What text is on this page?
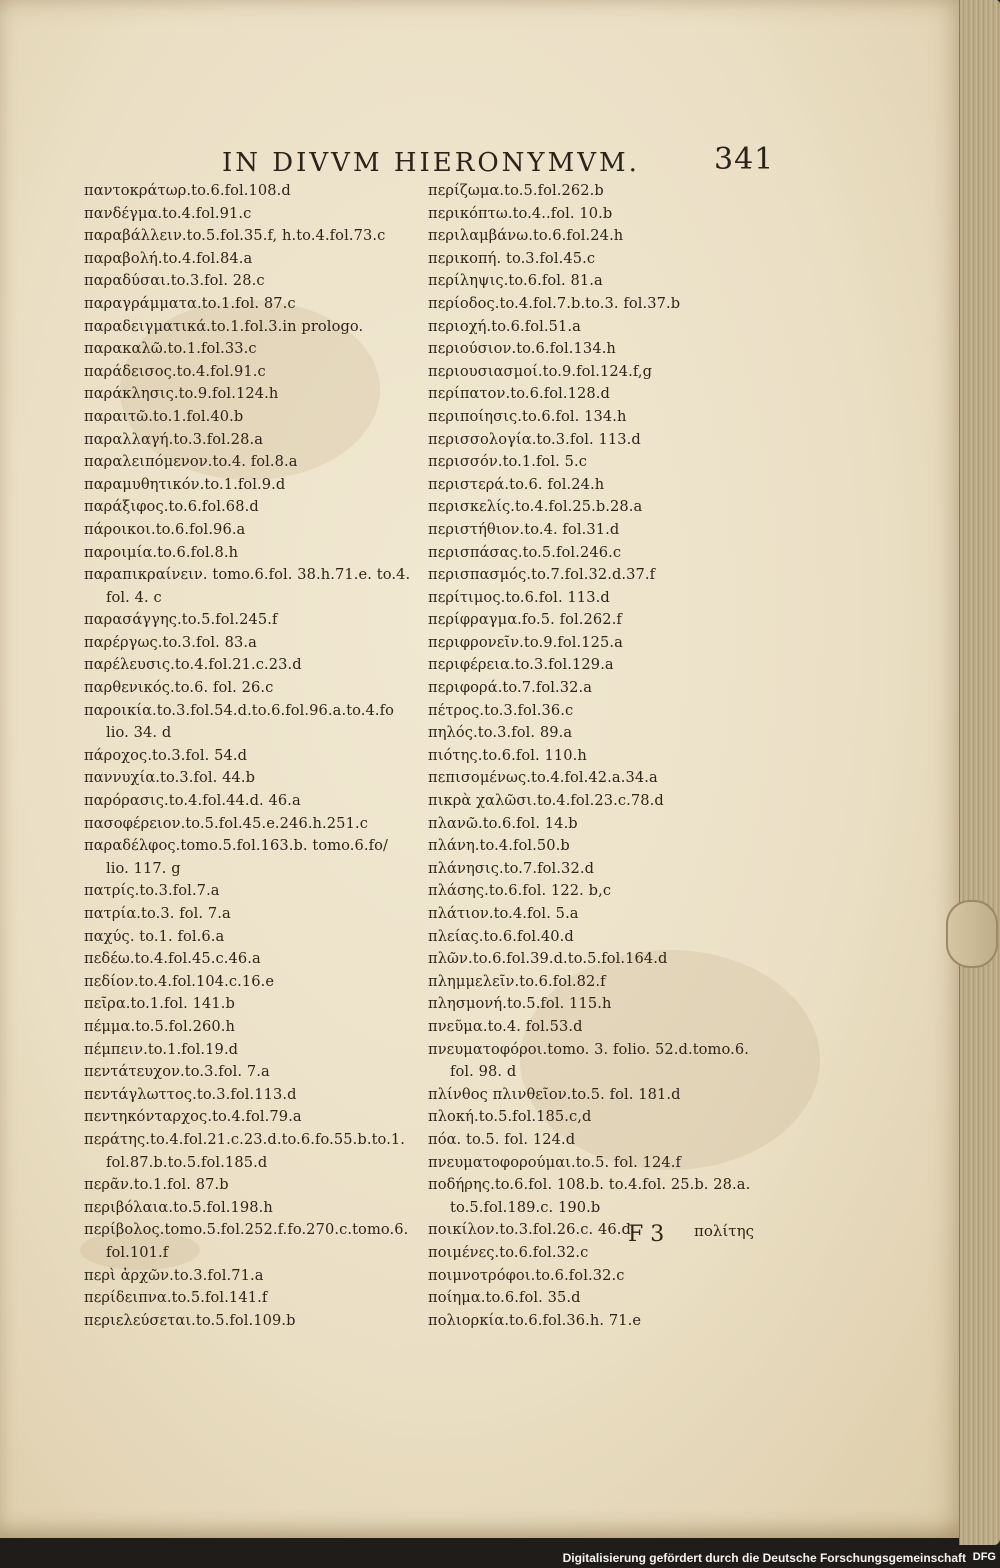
IN DIVVM HIERONYMVM. 341
παντοκράτωρ.to.6.fol.108.d
πανδέγμα.to.4.fol.91.c
παραβάλλειν.to.5.fol.35.f, h.to.4.fol.73.c
παραβολή.to.4.fol.84.a
παραδύσαι.to.3.fol. 28.c
παραγράμματα.to.1.fol. 87.c
παραδειγματικά.to.1.fol.3.in prologo.
παρακαλῶ.to.1.fol.33.c
παράδεισος.to.4.fol.91.c
παράκλησις.to.9.fol.124.h
παραιτῶ.to.1.fol.40.b
παραλλαγή.to.3.fol.28.a
παραλειπόμενον.to.4. fol.8.a
παραμυθητικόν.to.1.fol.9.d
παράξιφος.to.6.fol.68.d
πάροικοι.to.6.fol.96.a
παροιμία.to.6.fol.8.h
παραπικραίνειν. tomo.6.fol. 38.h.71.e. to.4.
fol. 4. c
παρασάγγης.to.5.fol.245.f
παρέργως.to.3.fol. 83.a
παρέλευσις.to.4.fol.21.c.23.d
παρθενικός.to.6. fol. 26.c
παροικία.to.3.fol.54.d.to.6.fol.96.a.to.4.fo
lio. 34. d
πάροχος.to.3.fol. 54.d
παννυχία.to.3.fol. 44.b
παρόρασις.to.4.fol.44.d. 46.a
πασοφέρειον.to.5.fol.45.e.246.h.251.c
παραδέλφος.tomo.5.fol.163.b. tomo.6.fo/
lio. 117. g
πατρίς.to.3.fol.7.a
πατρία.to.3. fol. 7.a
παχύς. to.1. fol.6.a
πεδέω.to.4.fol.45.c.46.a
πεδίον.to.4.fol.104.c.16.e
πεῖρα.to.1.fol. 141.b
πέμμα.to.5.fol.260.h
πέμπειν.to.1.fol.19.d
πεντάτευχον.to.3.fol. 7.a
πεντάγλωττος.to.3.fol.113.d
πεντηκόνταρχος.to.4.fol.79.a
περάτης.to.4.fol.21.c.23.d.to.6.fo.55.b.to.1.
fol.87.b.to.5.fol.185.d
περᾶν.to.1.fol. 87.b
περιβόλαια.to.5.fol.198.h
περίβολος.tomo.5.fol.252.f.fo.270.c.tomo.6.
fol.101.f
περὶ ἀρχῶν.to.3.fol.71.a
περίδειπνα.to.5.fol.141.f
περιελεύσεται.to.5.fol.109.b
περίζωμα.to.5.fol.262.b
περικόπτω.to.4..fol. 10.b
περιλαμβάνω.to.6.fol.24.h
περικοπή. to.3.fol.45.c
περίληψις.to.6.fol. 81.a
περίοδος.to.4.fol.7.b.to.3. fol.37.b
περιοχή.to.6.fol.51.a
περιούσιον.to.6.fol.134.h
περιουσιασμοί.to.9.fol.124.f,g
περίπατον.to.6.fol.128.d
περιποίησις.to.6.fol. 134.h
περισσολογία.to.3.fol. 113.d
περισσόν.to.1.fol. 5.c
περιστερά.to.6. fol.24.h
περισκελίς.to.4.fol.25.b.28.a
περιστήθιον.to.4. fol.31.d
περισπάσας.to.5.fol.246.c
περισπασμός.to.7.fol.32.d.37.f
περίτιμος.to.6.fol. 113.d
περίφραγμα.fo.5. fol.262.f
περιφρονεῖν.to.9.fol.125.a
περιφέρεια.to.3.fol.129.a
περιφορά.to.7.fol.32.a
πέτρος.to.3.fol.36.c
πηλός.to.3.fol. 89.a
πιότης.to.6.fol. 110.h
πεπισομένως.to.4.fol.42.a.34.a
πικρὰ χαλῶσι.to.4.fol.23.c.78.d
πλανῶ.to.6.fol. 14.b
πλάνη.to.4.fol.50.b
πλάνησις.to.7.fol.32.d
πλάσης.to.6.fol. 122. b,c
πλάτιον.to.4.fol. 5.a
πλείας.to.6.fol.40.d
πλῶν.to.6.fol.39.d.to.5.fol.164.d
πλημμελεῖν.to.6.fol.82.f
πλησμονή.to.5.fol. 115.h
πνεῦμα.to.4. fol.53.d
πνευματοφόροι.tomo. 3. folio. 52.d.tomo.6.
fol. 98. d
πλίνθος πλινθεῖον.to.5. fol. 181.d
πλοκή.to.5.fol.185.c,d
πόα. to.5. fol. 124.d
πνευματοφορούμαι.to.5. fol. 124.f
ποδήρης.to.6.fol. 108.b. to.4.fol. 25.b. 28.a.
to.5.fol.189.c. 190.b
ποικίλον.to.3.fol.26.c. 46.d
ποιμένες.to.6.fol.32.c
ποιμνοτρόφοι.to.6.fol.32.c
ποίημα.to.6.fol. 35.d
πολιορκία.to.6.fol.36.h. 71.e
F 3 πολίτης
Digitalisierung gefördert durch die Deutsche Forschungsgemeinschaft DFG
